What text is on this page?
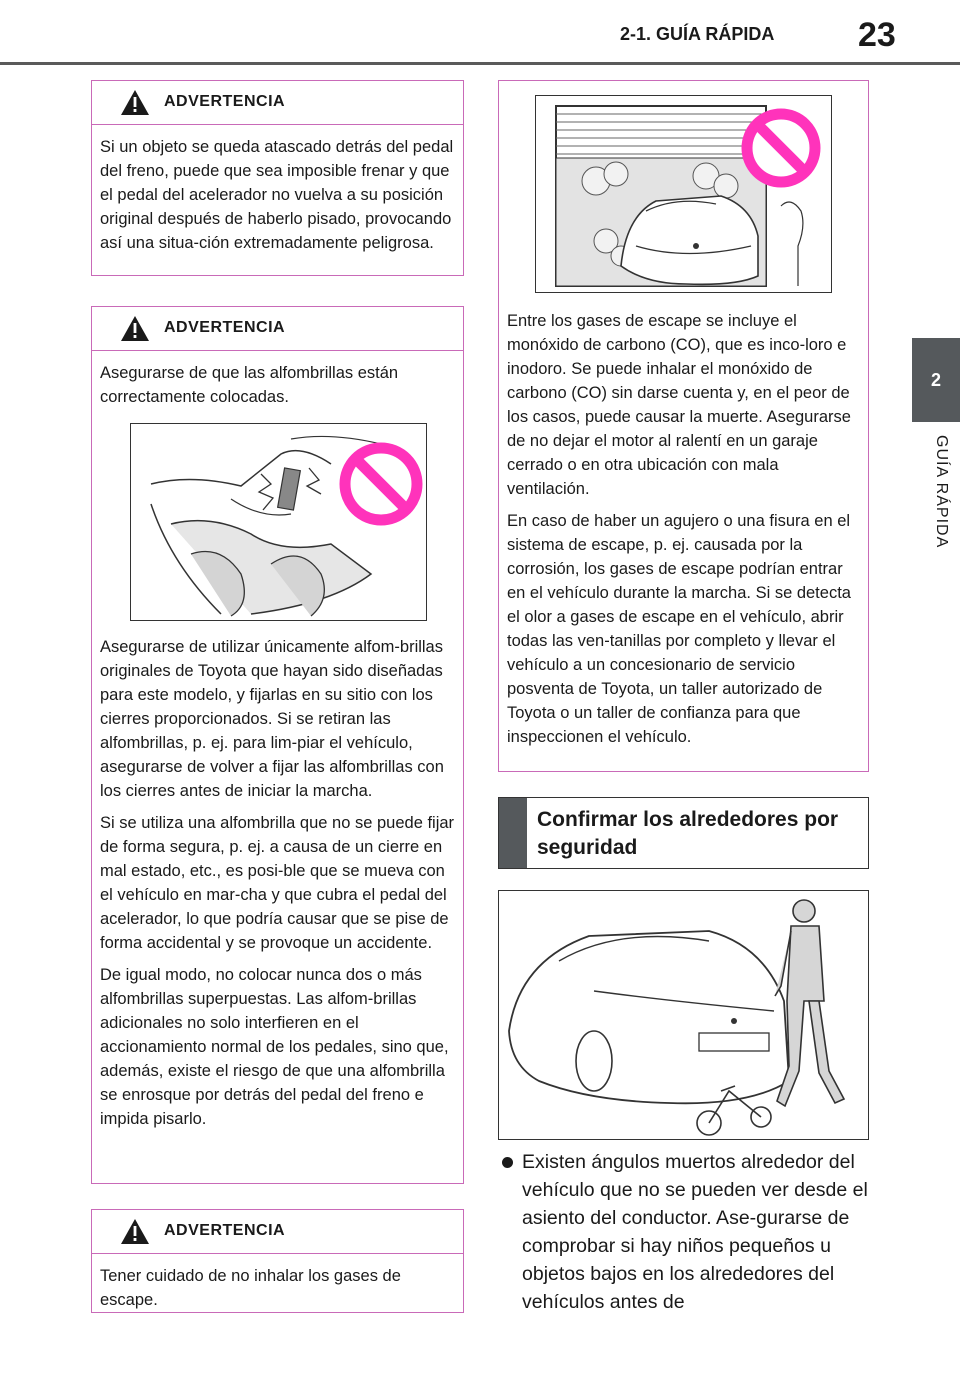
2-1. GUÍA RÁPIDA 23
2
GUÍA RÁPIDA
ADVERTENCIA

Si un objeto se queda atascado detrás del pedal del freno, puede que sea imposible frenar y que el pedal del acelerador no vuelva a su posición original después de haberlo pisado, provocando así una situa-ción extremadamente peligrosa.

ADVERTENCIA

Asegurarse de que las alfombrillas están correctamente colocadas.

Asegurarse de utilizar únicamente alfom-brillas originales de Toyota que hayan sido diseñadas para este modelo, y fijarlas en su sitio con los cierres proporcionados. Si se retiran las alfombrillas, p. ej. para lim-piar el vehículo, asegurarse de volver a fijar las alfombrillas con los cierres antes de iniciar la marcha.

Si se utiliza una alfombrilla que no se puede fijar de forma segura, p. ej. a causa de un cierre en mal estado, etc., es posi-ble que se mueva con el vehículo en mar-cha y que cubra el pedal del acelerador, lo que podría causar que se pise de forma accidental y se provoque un accidente.

De igual modo, no colocar nunca dos o más alfombrillas superpuestas. Las alfom-brillas adicionales no solo interfieren en el accionamiento normal de los pedales, sino que, además, existe el riesgo de que una alfombrilla se enrosque por detrás del pedal del freno e impida pisarlo.

ADVERTENCIA

Tener cuidado de no inhalar los gases de escape.

Entre los gases de escape se incluye el monóxido de carbono (CO), que es inco-loro e inodoro. Se puede inhalar el monóxido de carbono (CO) sin darse cuenta y, en el peor de los casos, puede causar la muerte. Asegurarse de no dejar el motor al ralentí en un garaje cerrado o en otra ubicación con mala ventilación.

En caso de haber un agujero o una fisura en el sistema de escape, p. ej. causada por la corrosión, los gases de escape podrían entrar en el vehículo durante la marcha. Si se detecta el olor a gases de escape en el vehículo, abrir todas las ven-tanillas por completo y llevar el vehículo a un concesionario de servicio posventa de Toyota, un taller autorizado de Toyota o un taller de confianza para que inspeccionen el vehículo.

Confirmar los alrededores por seguridad
Existen ángulos muertos alrededor del vehículo que no se pueden ver desde el asiento del conductor. Ase-gurarse de comprobar si hay niños pequeños u objetos bajos en los alrededores del vehículos antes de
